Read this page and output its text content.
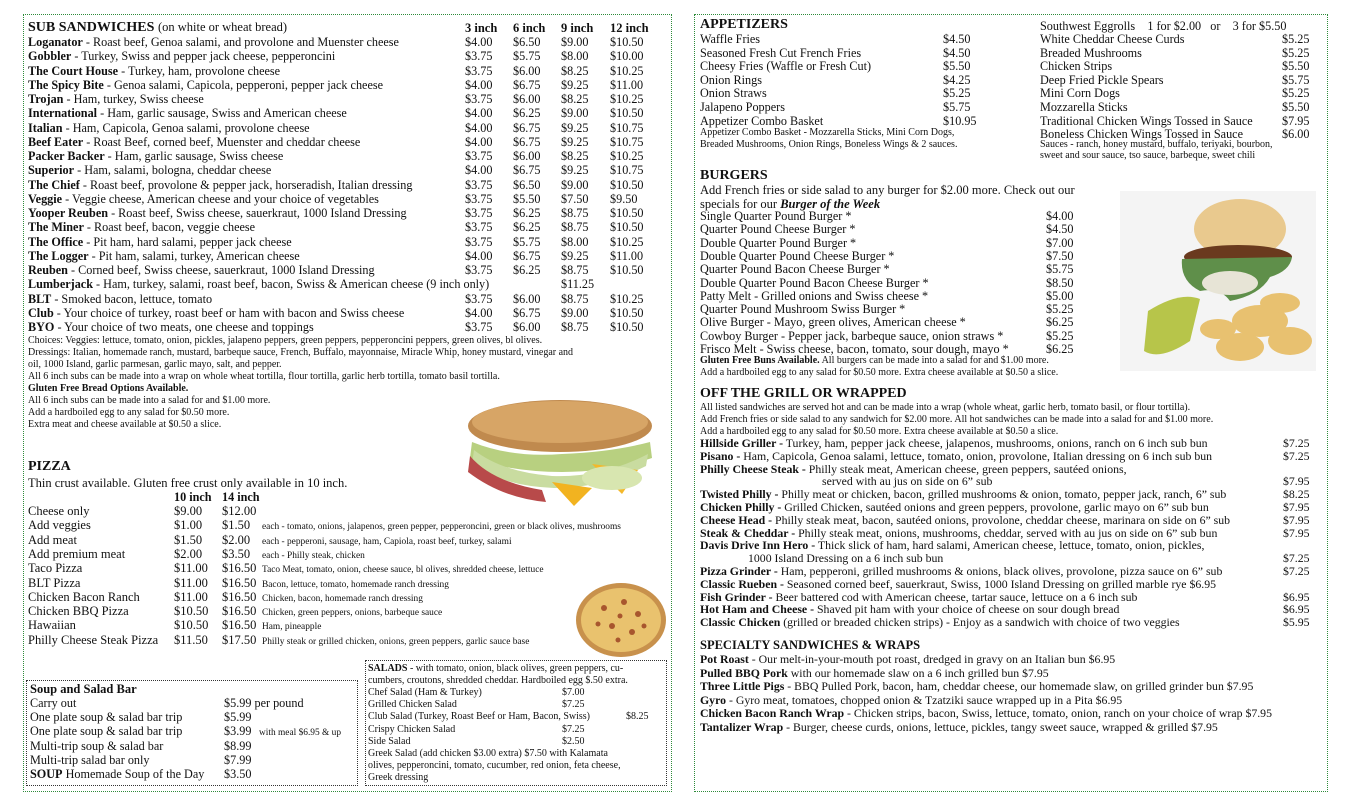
SUB SANDWICHES (on white or wheat bread)	3 inch 6 inch 9 inch 12 inch
Loganator - Roast beef, Genoa salami, and provolone and Muenster cheese	$4.00 $6.50 $9.00 $10.50
Gobbler - Turkey, Swiss and pepper jack cheese, pepperoncini	$3.75 $5.75 $8.00 $10.00
The Court House - Turkey, ham, provolone cheese	$3.75 $6.00 $8.25 $10.25
The Spicy Bite - Genoa salami, Capicola, pepperoni, pepper jack cheese	$4.00 $6.75 $9.25 $11.00
Trojan - Ham, turkey, Swiss cheese	$3.75 $6.00 $8.25 $10.25
International - Ham, garlic sausage, Swiss and American cheese	$4.00 $6.25 $9.00 $10.50
Italian - Ham, Capicola, Genoa salami, provolone cheese	$4.00 $6.75 $9.25 $10.75
Beef Eater - Roast Beef, corned beef, Muenster and cheddar cheese	$4.00 $6.75 $9.25 $10.75
Packer Backer - Ham, garlic sausage, Swiss cheese	$3.75 $6.00 $8.25 $10.25
Superior - Ham, salami, bologna, cheddar cheese	$4.00 $6.75 $9.25 $10.75
The Chief - Roast beef, provolone & pepper jack, horseradish, Italian dressing	$3.75 $6.50 $9.00 $10.50
Veggie - Veggie cheese, American cheese and your choice of vegetables	$3.75 $5.50 $7.50 $9.50
Yooper Reuben - Roast beef, Swiss cheese, sauerkraut, 1000 Island Dressing	$3.75 $6.25 $8.75 $10.50
The Miner - Roast beef, bacon, veggie cheese	$3.75 $6.25 $8.75 $10.50
The Office - Pit ham, hard salami, pepper jack cheese	$3.75 $5.75 $8.00 $10.25
The Logger - Pit ham, salami, turkey, American cheese	$4.00 $6.75 $9.25 $11.00
Reuben - Corned beef, Swiss cheese, sauerkraut, 1000 Island Dressing	$3.75 $6.25 $8.75 $10.50
Lumberjack - Ham, turkey, salami, roast beef, bacon, Swiss & American cheese (9 inch only)	$11.25
BLT - Smoked bacon, lettuce, tomato	$3.75 $6.00 $8.75 $10.25
Club - Your choice of turkey, roast beef or ham with bacon and Swiss cheese	$4.00 $6.75 $9.00 $10.50
BYO - Your choice of two meats, one cheese and toppings	$3.75 $6.00 $8.75 $10.50
Choices: Veggies: lettuce, tomato, onion, pickles, jalapeno peppers, green peppers, pepperoncini peppers, green olives, bl olives.
Dressings: Italian, homemade ranch, mustard, barbeque sauce, French, Buffalo, mayonnaise, Miracle Whip, honey mustard, vinegar and
oil, 1000 Island, garlic parmesan, garlic mayo, salt, and pepper.
All 6 inch subs can be made into a wrap on whole wheat tortilla, flour tortilla, garlic herb tortilla, tomato basil tortilla.
Gluten Free Bread Options Available.
All 6 inch subs can be made into a salad for and $1.00 more.
Add a hardboiled egg to any salad for $0.50 more.
Extra meat and cheese available at $0.50 a slice.
PIZZA
Thin crust available. Gluten free crust only available in 10 inch.
10 inch 14 inch
Cheese only	$9.00 $12.00
Add veggies	$1.00 $1.50 each - tomato, onions, jalapenos, green pepper, pepperoncini, green or black olives, mushrooms
Add meat	$1.50 $2.00 each - pepperoni, sausage, ham, Capiola, roast beef, turkey, salami
Add premium meat	$2.00 $3.50 each - Philly steak, chicken
Taco Pizza	$11.00 $16.50 Taco Meat, tomato, onion, cheese sauce, bl olives, shredded cheese, lettuce
BLT Pizza	$11.00 $16.50 Bacon, lettuce, tomato, homemade ranch dressing
Chicken Bacon Ranch	$11.00 $16.50 Chicken, bacon, homemade ranch dressing
Chicken BBQ Pizza	$10.50 $16.50 Chicken, green peppers, onions, barbeque sauce
Hawaiian	$10.50 $16.50 Ham, pineapple
Philly Cheese Steak Pizza $11.50 $17.50 Philly steak or grilled chicken, onions, green peppers, garlic sauce base
Soup and Salad Bar
Carry out	$5.99 per pound
One plate soup & salad bar trip	$5.99
One plate soup & salad bar trip	$3.99 with meal $6.95 & up
Multi-trip soup & salad bar	$8.99
Multi-trip salad bar only	$7.99
SOUP Homemade Soup of the Day $3.50
SALADS - with tomato, onion, black olives, green peppers, cu-
cumbers, croutons, shredded cheddar. Hardboiled egg $.50 extra.
Chef Salad (Ham & Turkey)	$7.00
Grilled Chicken Salad	$7.25
Club Salad (Turkey, Roast Beef or Ham, Bacon, Swiss)	$8.25
Crispy Chicken Salad	$7.25
Side Salad	$2.50
Greek Salad (add chicken $3.00 extra) $7.50 with Kalamata
olives, pepperoncini, tomato, cucumber, red onion, feta cheese,
Greek dressing
APPETIZERS
Waffle Fries	$4.50
Seasoned Fresh Cut French Fries	$4.50
Cheesy Fries (Waffle or Fresh Cut)	$5.50
Onion Rings	$4.25
Onion Straws	$5.25
Jalapeno Poppers	$5.75
Appetizer Combo Basket	$10.95
Appetizer Combo Basket - Mozzarella Sticks, Mini Corn Dogs,
Breaded Mushrooms, Onion Rings, Boneless Wings & 2 sauces.
Southwest Eggrolls    1 for $2.00   or    3 for $5.50
White Cheddar Cheese Curds	$5.25
Breaded Mushrooms	$5.25
Chicken Strips	$5.50
Deep Fried Pickle Spears	$5.75
Mini Corn Dogs	$5.25
Mozzarella Sticks	$5.50
Traditional Chicken Wings Tossed in Sauce $7.95
Boneless Chicken Wings Tossed in Sauce	$6.00
Sauces - ranch, honey mustard, buffalo, teriyaki, bourbon,
sweet and sour sauce, tso sauce, barbeque, sweet chili
BURGERS
Add French fries or side salad to any burger for $2.00 more. Check out our
specials for our Burger of the Week
Single Quarter Pound Burger *	$4.00
Quarter Pound Cheese Burger *	$4.50
Double Quarter Pound Burger *	$7.00
Double Quarter Pound Cheese Burger *	$7.50
Quarter Pound Bacon Cheese Burger *	$5.75
Double Quarter Pound Bacon Cheese Burger *	$8.50
Patty Melt - Grilled onions and Swiss cheese *	$5.00
Quarter Pound Mushroom Swiss Burger *	$5.25
Olive Burger - Mayo, green olives, American cheese *	$6.25
Cowboy Burger - Pepper jack, barbeque sauce, onion straws *	$5.25
Frisco Melt - Swiss cheese, bacon, tomato, sour dough, mayo *	$6.25
Gluten Free Buns Available. All burgers can be made into a salad for and $1.00 more.
Add a hardboiled egg to any salad for $0.50 more. Extra cheese available at $0.50 a slice.
OFF THE GRILL OR WRAPPED
All listed sandwiches are served hot and can be made into a wrap (whole wheat, garlic herb, tomato basil, or flour tortilla).
Add French fries or side salad to any sandwich for $2.00 more. All hot sandwiches can be made into a salad for and $1.00 more.
Add a hardboiled egg to any salad for $0.50 more. Extra cheese available at $0.50 a slice.
Hillside Griller - Turkey, ham, pepper jack cheese, jalapenos, mushrooms, onions, ranch on 6 inch sub bun	$7.25
Pisano - Ham, Capicola, Genoa salami, lettuce, tomato, onion, provolone, Italian dressing on 6 inch sub bun	$7.25
Philly Cheese Steak - Philly steak meat, American cheese, green peppers, sautéed onions,
served with au jus on side on 6” sub	$7.95
Twisted Philly - Philly meat or chicken, bacon, grilled mushrooms & onion, tomato, pepper jack, ranch, 6” sub	$8.25
Chicken Philly - Grilled Chicken, sautéed onions and green peppers, provolone, garlic mayo on 6” sub bun	$7.95
Cheese Head - Philly steak meat, bacon, sautéed onions, provolone, cheddar cheese, marinara on side on 6” sub	$7.95
Steak & Cheddar - Philly steak meat, onions, mushrooms, cheddar, served with au jus on side on 6” sub bun	$7.95
Davis Drive Inn Hero - Thick slick of ham, hard salami, American cheese, lettuce, tomato, onion, pickles,
1000 Island Dressing on a 6 inch sub bun	$7.25
Pizza Grinder - Ham, pepperoni, grilled mushrooms & onions, black olives, provolone, pizza sauce on 6” sub	$7.25
Classic Rueben - Seasoned corned beef, sauerkraut, Swiss, 1000 Island Dressing on grilled marble rye $6.95
Fish Grinder - Beer battered cod with American cheese, tartar sauce, lettuce on a 6 inch sub	$6.95
Hot Ham and Cheese - Shaved pit ham with your choice of cheese on sour dough bread	$6.95
Classic Chicken (grilled or breaded chicken strips) - Enjoy as a sandwich with choice of two veggies	$5.95
SPECIALTY SANDWICHES & WRAPS
Pot Roast - Our melt-in-your-mouth pot roast, dredged in gravy on an Italian bun $6.95
Pulled BBQ Pork with our homemade slaw on a 6 inch grilled bun $7.95
Three Little Pigs - BBQ Pulled Pork, bacon, ham, cheddar cheese, our homemade slaw, on grilled grinder bun $7.95
Gyro - Gyro meat, tomatoes, chopped onion & Tzatziki sauce wrapped up in a Pita $6.95
Chicken Bacon Ranch Wrap - Chicken strips, bacon, Swiss, lettuce, tomato, onion, ranch on your choice of wrap $7.95
Tantalizer Wrap - Burger, cheese curds, onions, lettuce, pickles, tangy sweet sauce, wrapped & grilled $7.95
